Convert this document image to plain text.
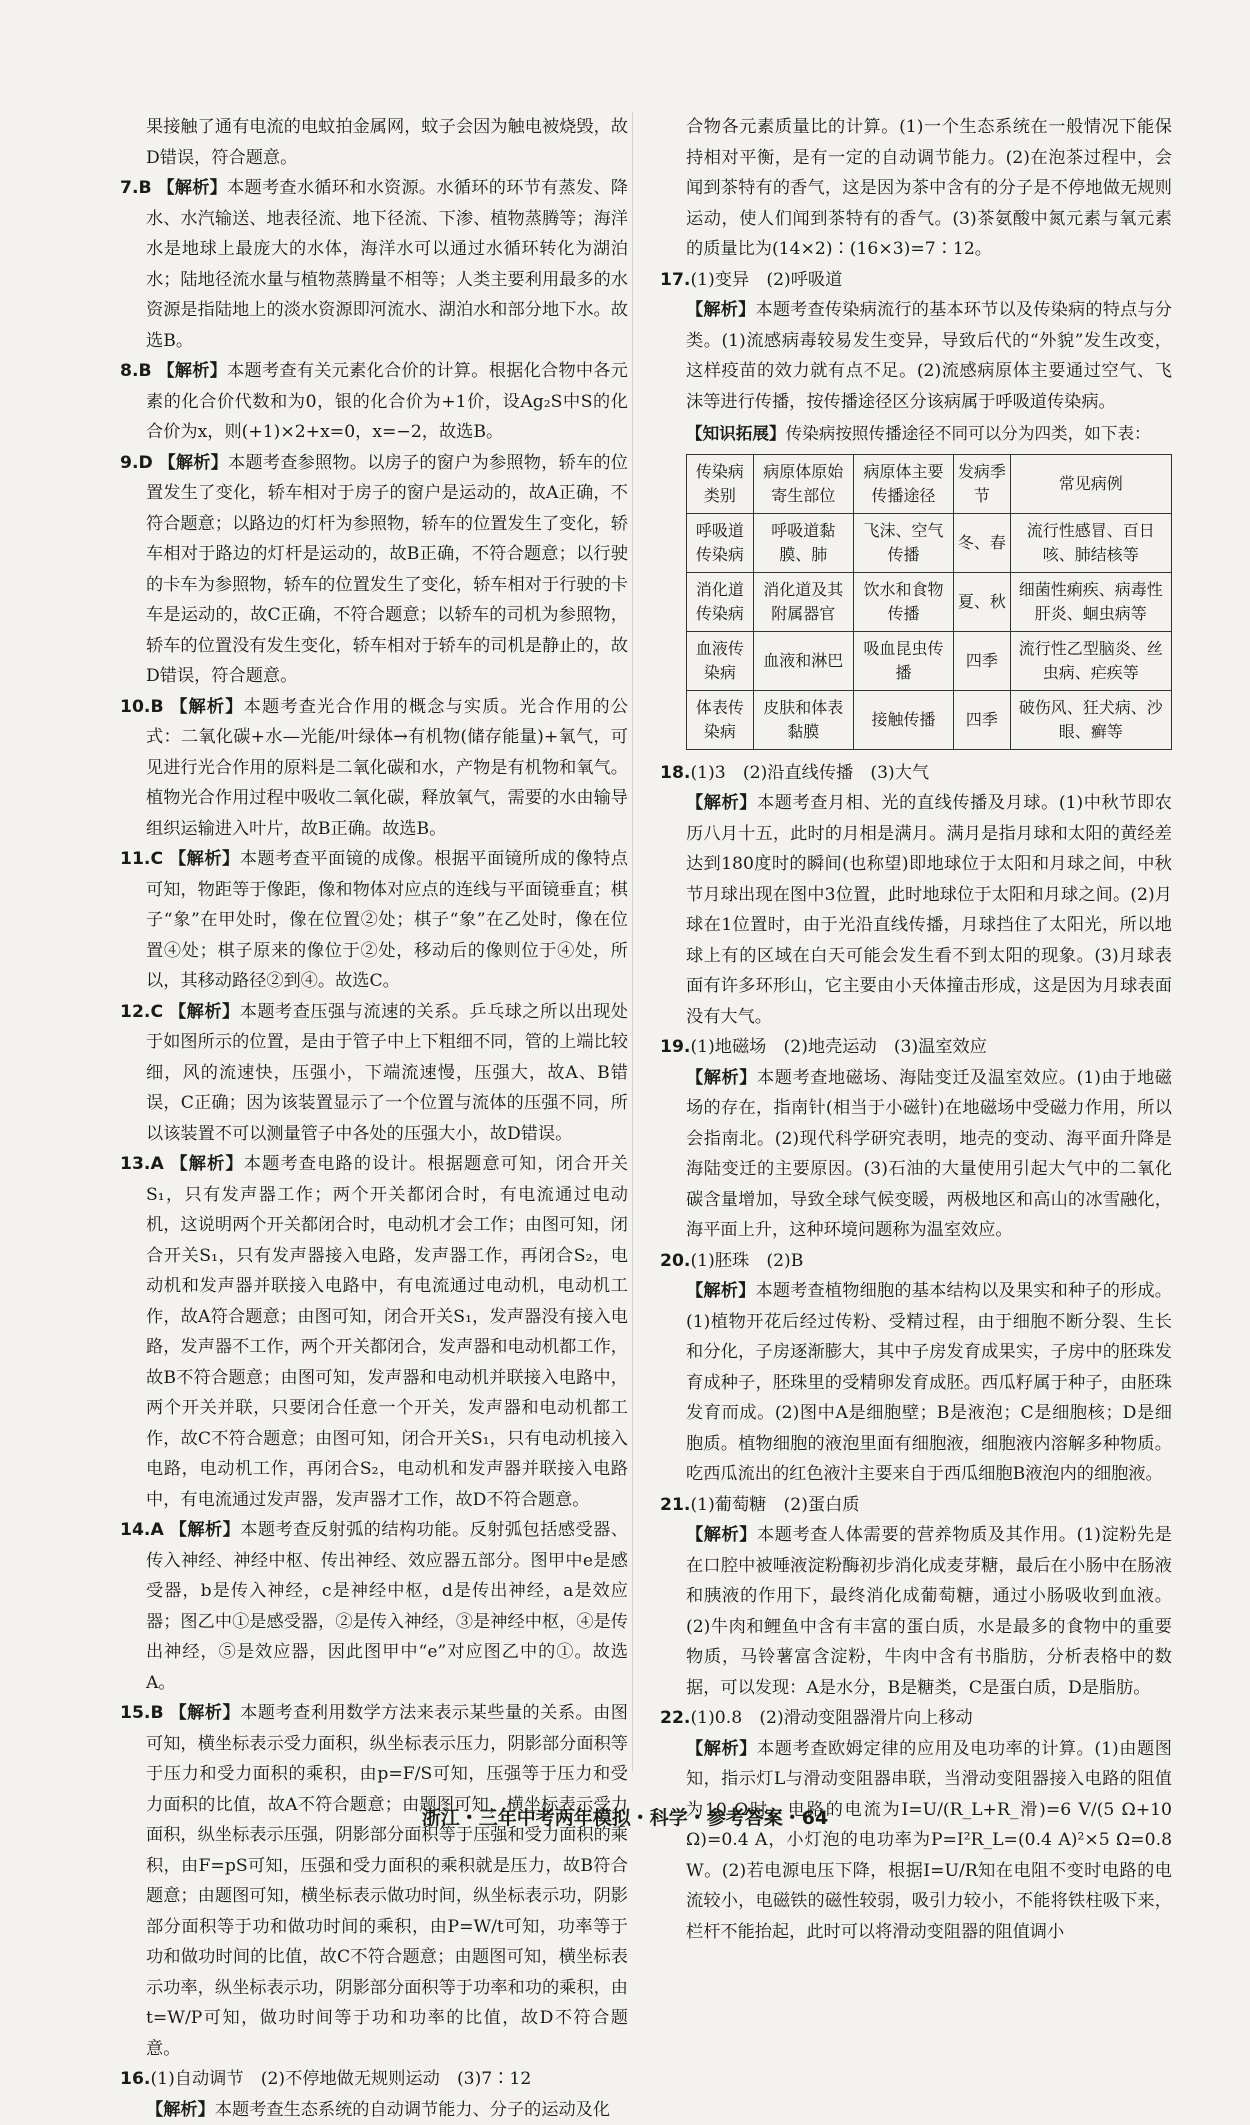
果接触了通有电流的电蚊拍金属网，蚊子会因为触电被烧毁，故D错误，符合题意。

7.B 【解析】本题考查水循环和水资源。水循环的环节有蒸发、降水、水汽输送、地表径流、地下径流、下渗、植物蒸腾等；海洋水是地球上最庞大的水体，海洋水可以通过水循环转化为湖泊水；陆地径流水量与植物蒸腾量不相等；人类主要利用最多的水资源是指陆地上的淡水资源即河流水、湖泊水和部分地下水。故选B。

8.B 【解析】本题考查有关元素化合价的计算。根据化合物中各元素的化合价代数和为0，银的化合价为+1价，设Ag₂S中S的化合价为x，则(+1)×2+x=0，x=−2，故选B。

9.D 【解析】本题考查参照物。以房子的窗户为参照物，轿车的位置发生了变化，轿车相对于房子的窗户是运动的，故A正确，不符合题意；以路边的灯杆为参照物，轿车的位置发生了变化，轿车相对于路边的灯杆是运动的，故B正确，不符合题意；以行驶的卡车为参照物，轿车的位置发生了变化，轿车相对于行驶的卡车是运动的，故C正确，不符合题意；以轿车的司机为参照物，轿车的位置没有发生变化，轿车相对于轿车的司机是静止的，故D错误，符合题意。

10.B 【解析】本题考查光合作用的概念与实质。光合作用的公式：二氧化碳+水—光能/叶绿体→有机物(储存能量)+氧气，可见进行光合作用的原料是二氧化碳和水，产物是有机物和氧气。植物光合作用过程中吸收二氧化碳，释放氧气，需要的水由输导组织运输进入叶片，故B正确。故选B。

11.C 【解析】本题考查平面镜的成像。根据平面镜所成的像特点可知，物距等于像距，像和物体对应点的连线与平面镜垂直；棋子“象”在甲处时，像在位置②处；棋子“象”在乙处时，像在位置④处；棋子原来的像位于②处，移动后的像则位于④处，所以，其移动路径②到④。故选C。

12.C 【解析】本题考查压强与流速的关系。乒乓球之所以出现处于如图所示的位置，是由于管子中上下粗细不同，管的上端比较细，风的流速快，压强小，下端流速慢，压强大，故A、B错误，C正确；因为该装置显示了一个位置与流体的压强不同，所以该装置不可以测量管子中各处的压强大小，故D错误。

13.A 【解析】本题考查电路的设计。根据题意可知，闭合开关S₁，只有发声器工作；两个开关都闭合时，有电流通过电动机，这说明两个开关都闭合时，电动机才会工作；由图可知，闭合开关S₁，只有发声器接入电路，发声器工作，再闭合S₂，电动机和发声器并联接入电路中，有电流通过电动机，电动机工作，故A符合题意；由图可知，闭合开关S₁，发声器没有接入电路，发声器不工作，两个开关都闭合，发声器和电动机都工作，故B不符合题意；由图可知，发声器和电动机并联接入电路中，两个开关并联，只要闭合任意一个开关，发声器和电动机都工作，故C不符合题意；由图可知，闭合开关S₁，只有电动机接入电路，电动机工作，再闭合S₂，电动机和发声器并联接入电路中，有电流通过发声器，发声器才工作，故D不符合题意。

14.A 【解析】本题考查反射弧的结构功能。反射弧包括感受器、传入神经、神经中枢、传出神经、效应器五部分。图甲中e是感受器，b是传入神经，c是神经中枢，d是传出神经，a是效应器；图乙中①是感受器，②是传入神经，③是神经中枢，④是传出神经，⑤是效应器，因此图甲中“e”对应图乙中的①。故选A。

15.B 【解析】本题考查利用数学方法来表示某些量的关系。由图可知，横坐标表示受力面积，纵坐标表示压力，阴影部分面积等于压力和受力面积的乘积，由p=F/S可知，压强等于压力和受力面积的比值，故A不符合题意；由题图可知，横坐标表示受力面积，纵坐标表示压强，阴影部分面积等于压强和受力面积的乘积，由F=pS可知，压强和受力面积的乘积就是压力，故B符合题意；由题图可知，横坐标表示做功时间，纵坐标表示功，阴影部分面积等于功和做功时间的乘积，由P=W/t可知，功率等于功和做功时间的比值，故C不符合题意；由题图可知，横坐标表示功率，纵坐标表示功，阴影部分面积等于功率和功的乘积，由t=W/P可知，做功时间等于功和功率的比值，故D不符合题意。

16.(1)自动调节　(2)不停地做无规则运动　(3)7∶12

【解析】本题考查生态系统的自动调节能力、分子的运动及化

合物各元素质量比的计算。(1)一个生态系统在一般情况下能保持相对平衡，是有一定的自动调节能力。(2)在泡茶过程中，会闻到茶特有的香气，这是因为茶中含有的分子是不停地做无规则运动，使人们闻到茶特有的香气。(3)茶氨酸中氮元素与氧元素的质量比为(14×2)∶(16×3)=7∶12。

17.(1)变异　(2)呼吸道

【解析】本题考查传染病流行的基本环节以及传染病的特点与分类。(1)流感病毒较易发生变异，导致后代的“外貌”发生改变，这样疫苗的效力就有点不足。(2)流感病原体主要通过空气、飞沫等进行传播，按传播途径区分该病属于呼吸道传染病。

【知识拓展】传染病按照传播途径不同可以分为四类，如下表：

传染病类别	病原体原始寄生部位	病原体主要传播途径	发病季节	常见病例
呼吸道传染病	呼吸道黏膜、肺	飞沫、空气传播	冬、春	流行性感冒、百日咳、肺结核等
消化道传染病	消化道及其附属器官	饮水和食物传播	夏、秋	细菌性痢疾、病毒性肝炎、蛔虫病等
血液传染病	血液和淋巴	吸血昆虫传播	四季	流行性乙型脑炎、丝虫病、疟疾等
体表传染病	皮肤和体表黏膜	接触传播	四季	破伤风、狂犬病、沙眼、癣等

18.(1)3　(2)沿直线传播　(3)大气

【解析】本题考查月相、光的直线传播及月球。(1)中秋节即农历八月十五，此时的月相是满月。满月是指月球和太阳的黄经差达到180度时的瞬间(也称望)即地球位于太阳和月球之间，中秋节月球出现在图中3位置，此时地球位于太阳和月球之间。(2)月球在1位置时，由于光沿直线传播，月球挡住了太阳光，所以地球上有的区域在白天可能会发生看不到太阳的现象。(3)月球表面有许多环形山，它主要由小天体撞击形成，这是因为月球表面没有大气。

19.(1)地磁场　(2)地壳运动　(3)温室效应

【解析】本题考查地磁场、海陆变迁及温室效应。(1)由于地磁场的存在，指南针(相当于小磁针)在地磁场中受磁力作用，所以会指南北。(2)现代科学研究表明，地壳的变动、海平面升降是海陆变迁的主要原因。(3)石油的大量使用引起大气中的二氧化碳含量增加，导致全球气候变暖，两极地区和高山的冰雪融化，海平面上升，这种环境问题称为温室效应。

20.(1)胚珠　(2)B

【解析】本题考查植物细胞的基本结构以及果实和种子的形成。(1)植物开花后经过传粉、受精过程，由于细胞不断分裂、生长和分化，子房逐渐膨大，其中子房发育成果实，子房中的胚珠发育成种子，胚珠里的受精卵发育成胚。西瓜籽属于种子，由胚珠发育而成。(2)图中A是细胞壁；B是液泡；C是细胞核；D是细胞质。植物细胞的液泡里面有细胞液，细胞液内溶解多种物质。吃西瓜流出的红色液汁主要来自于西瓜细胞B液泡内的细胞液。

21.(1)葡萄糖　(2)蛋白质

【解析】本题考查人体需要的营养物质及其作用。(1)淀粉先是在口腔中被唾液淀粉酶初步消化成麦芽糖，最后在小肠中在肠液和胰液的作用下，最终消化成葡萄糖，通过小肠吸收到血液。(2)牛肉和鲤鱼中含有丰富的蛋白质，水是最多的食物中的重要物质，马铃薯富含淀粉，牛肉中含有书脂肪，分析表格中的数据，可以发现：A是水分，B是糖类，C是蛋白质，D是脂肪。

22.(1)0.8　(2)滑动变阻器滑片向上移动

【解析】本题考查欧姆定律的应用及电功率的计算。(1)由题图知，指示灯L与滑动变阻器串联，当滑动变阻器接入电路的阻值为10 Ω时，电路的电流为I=U/(R_L+R_滑)=6 V/(5 Ω+10 Ω)=0.4 A，小灯泡的电功率为P=I²R_L=(0.4 A)²×5 Ω=0.8 W。(2)若电源电压下降，根据I=U/R知在电阻不变时电路的电流较小，电磁铁的磁性较弱，吸引力较小，不能将铁柱吸下来，栏杆不能抬起，此时可以将滑动变阻器的阻值调小

浙江・三年中考两年模拟・科学・参考答案・64
